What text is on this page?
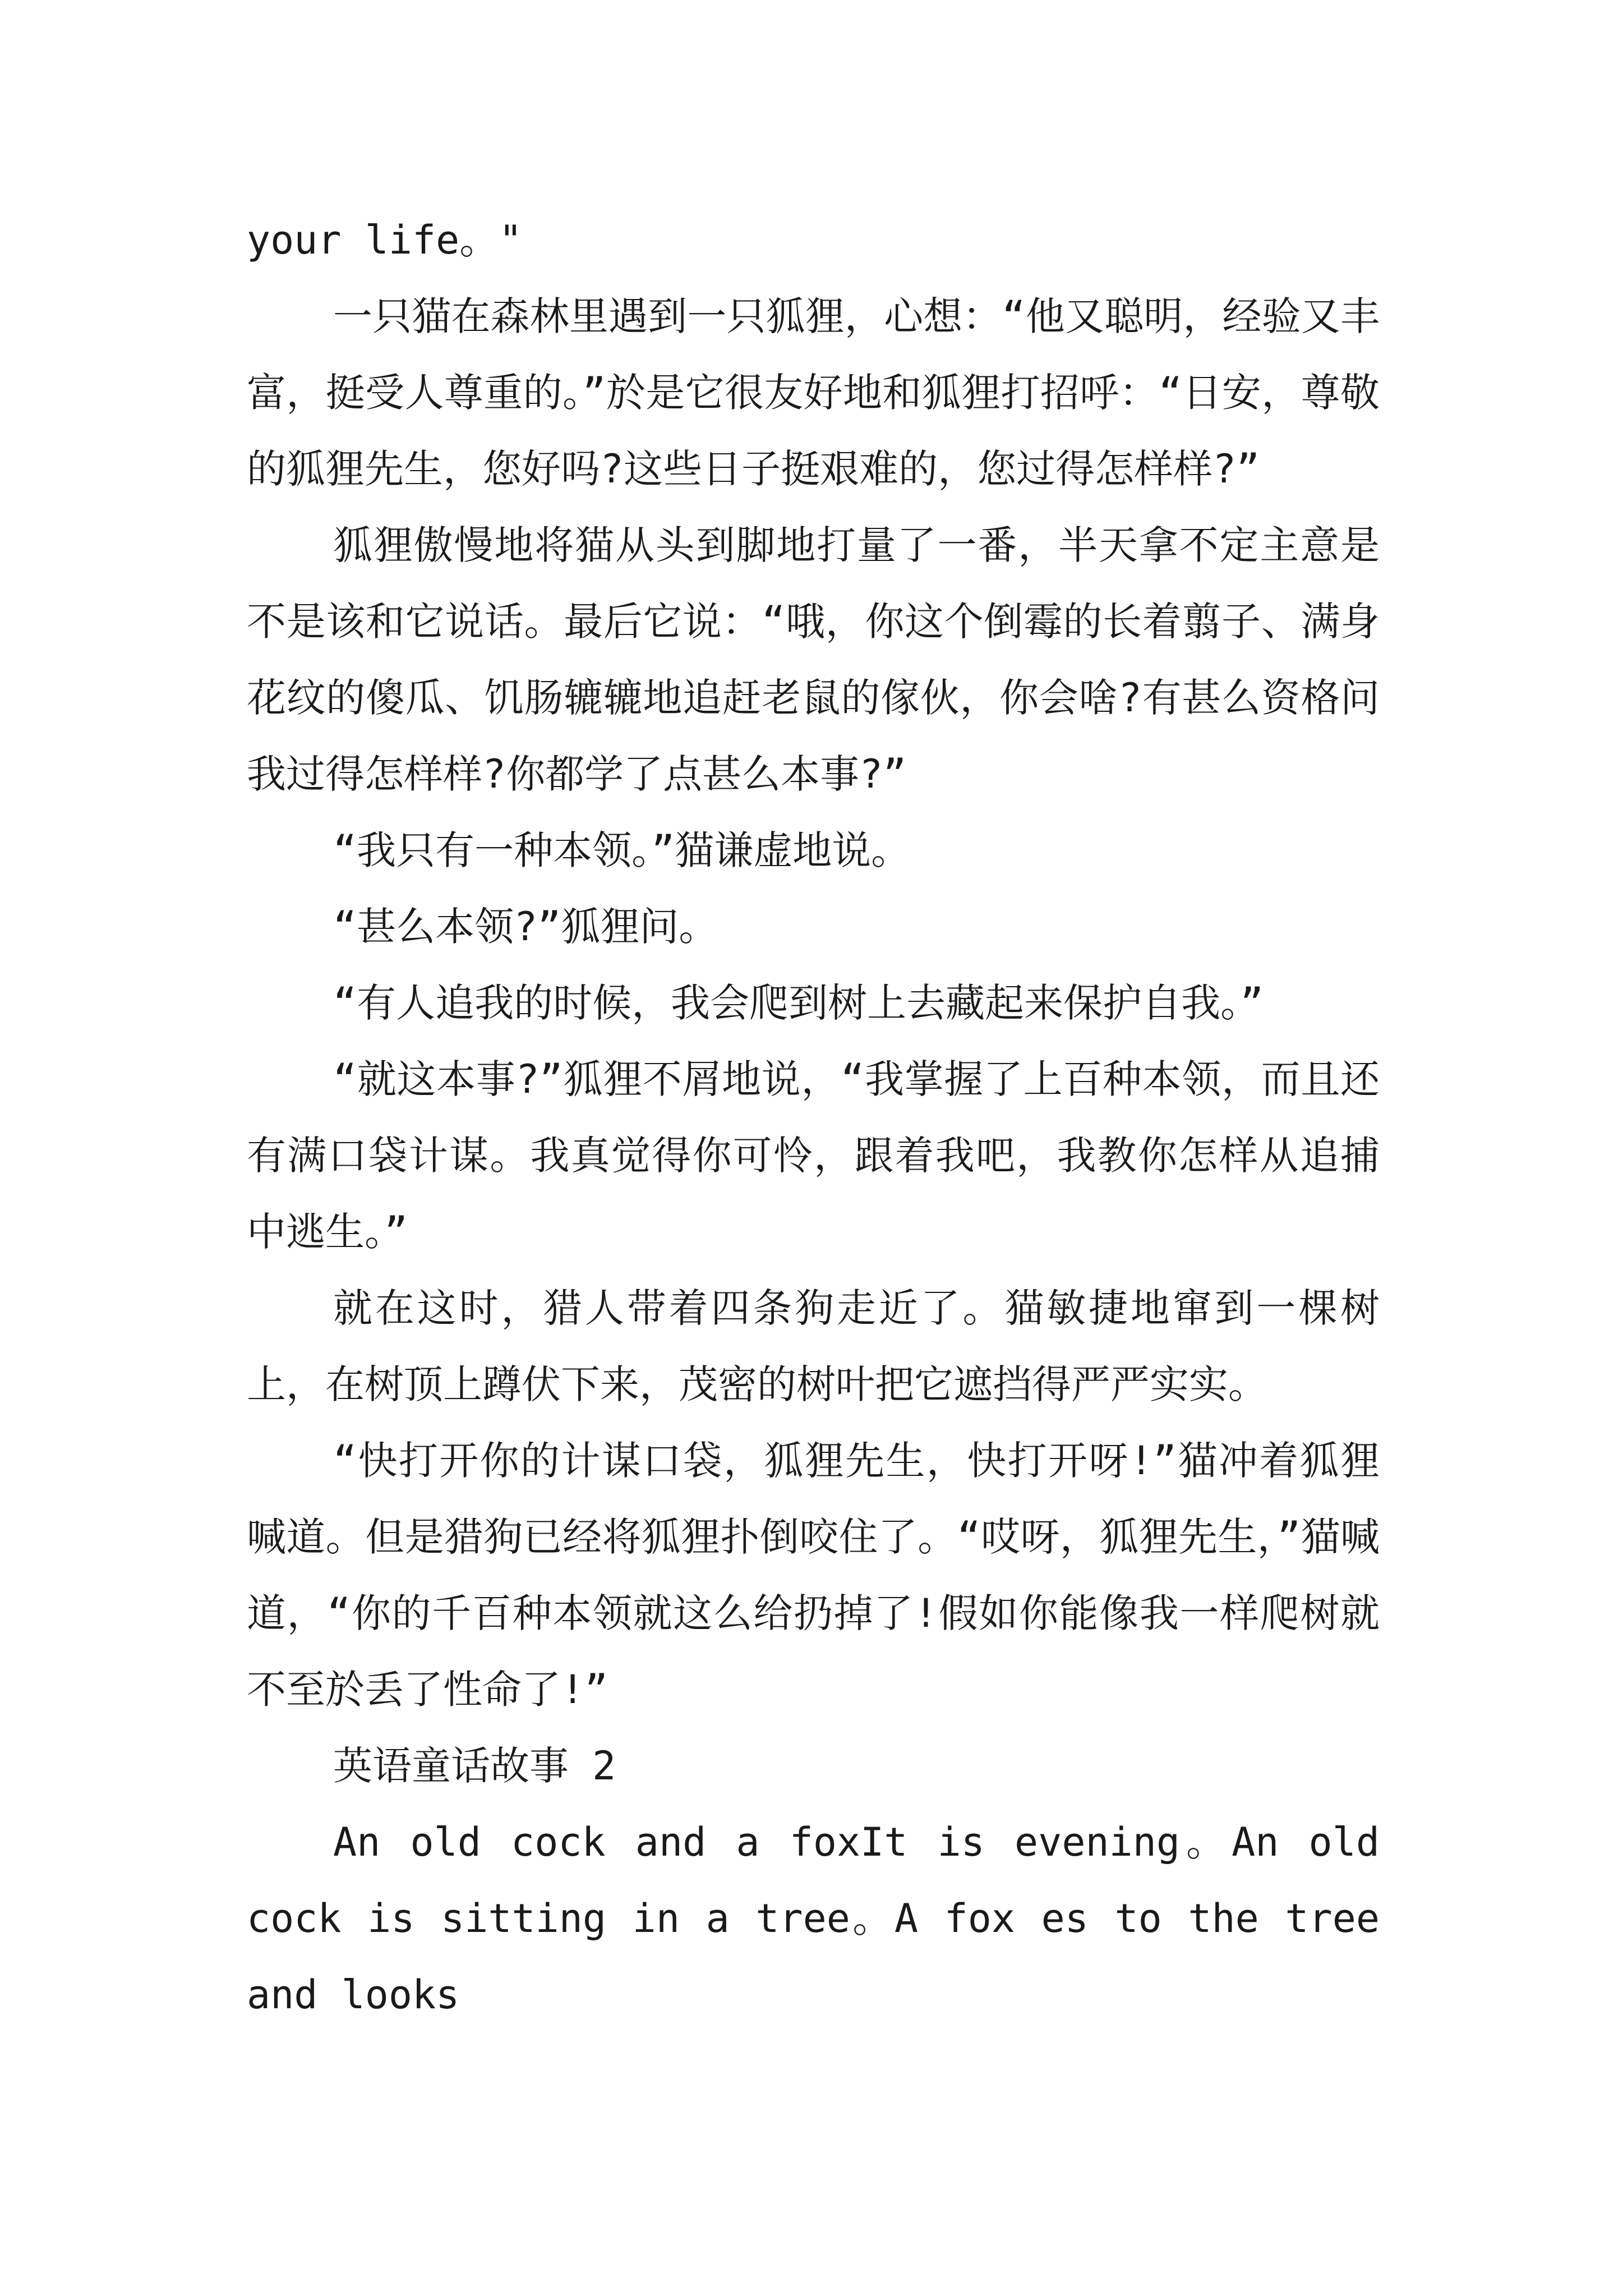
your life。"

一只猫在森林里遇到一只狐狸，心想：“他又聪明，经验又丰富，挺受人尊重的。”於是它很友好地和狐狸打招呼：“日安，尊敬的狐狸先生，您好吗?这些日子挺艰难的，您过得怎样样?”

狐狸傲慢地将猫从头到脚地打量了一番，半天拿不定主意是不是该和它说话。最后它说：“哦，你这个倒霉的长着翦子、满身花纹的傻瓜、饥肠辘辘地追赶老鼠的傢伙，你会啥?有甚么资格问我过得怎样样?你都学了点甚么本事?”

“我只有一种本领。”猫谦虚地说。

“甚么本领?”狐狸问。

“有人追我的时候，我会爬到树上去藏起来保护自我。”

“就这本事?”狐狸不屑地说，“我掌握了上百种本领，而且还有满口袋计谋。我真觉得你可怜，跟着我吧，我教你怎样从追捕中逃生。”

就在这时，猎人带着四条狗走近了。猫敏捷地窜到一棵树上，在树顶上蹲伏下来，茂密的树叶把它遮挡得严严实实。

“快打开你的计谋口袋，狐狸先生，快打开呀!”猫冲着狐狸喊道。但是猎狗已经将狐狸扑倒咬住了。“哎呀，狐狸先生，”猫喊道，“你的千百种本领就这么给扔掉了!假如你能像我一样爬树就不至於丢了性命了!”

英语童话故事 2

An old cock and a foxIt is evening。An old cock is sitting in a tree。A fox es to the tree and looks
